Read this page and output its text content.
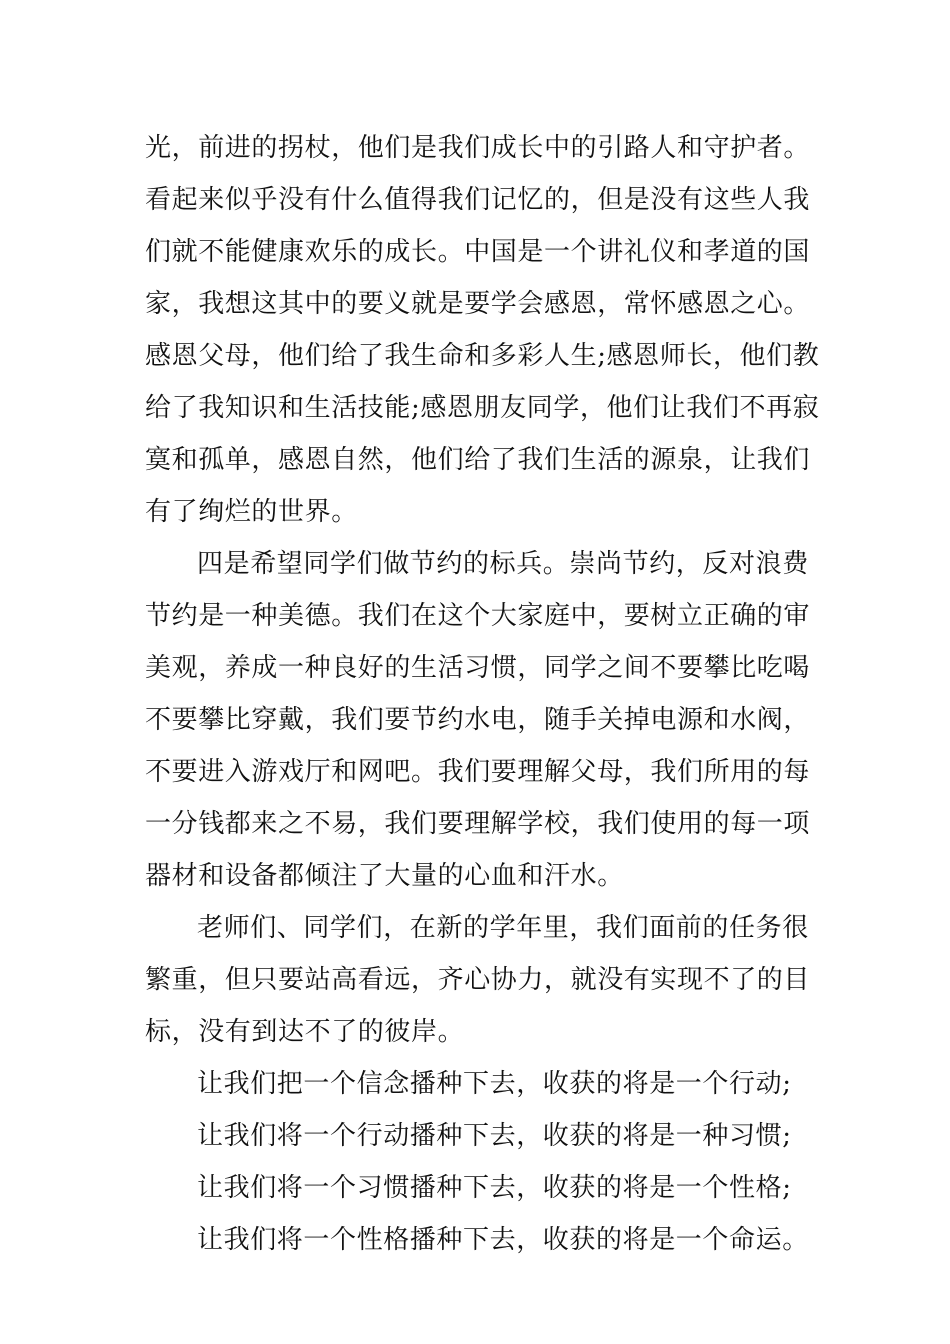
光，前进的拐杖，他们是我们成长中的引路人和守护者。
看起来似乎没有什么值得我们记忆的，但是没有这些人我
们就不能健康欢乐的成长。中国是一个讲礼仪和孝道的国
家，我想这其中的要义就是要学会感恩，常怀感恩之心。
感恩父母，他们给了我生命和多彩人生;感恩师长，他们教
给了我知识和生活技能;感恩朋友同学，他们让我们不再寂
寞和孤单，感恩自然，他们给了我们生活的源泉，让我们
有了绚烂的世界。
四是希望同学们做节约的标兵。崇尚节约，反对浪费
节约是一种美德。我们在这个大家庭中，要树立正确的审
美观，养成一种良好的生活习惯，同学之间不要攀比吃喝
不要攀比穿戴，我们要节约水电，随手关掉电源和水阀，
不要进入游戏厅和网吧。我们要理解父母，我们所用的每
一分钱都来之不易，我们要理解学校，我们使用的每一项
器材和设备都倾注了大量的心血和汗水。
老师们、同学们，在新的学年里，我们面前的任务很
繁重，但只要站高看远，齐心协力，就没有实现不了的目
标，没有到达不了的彼岸。
让我们把一个信念播种下去，收获的将是一个行动;
让我们将一个行动播种下去，收获的将是一种习惯;
让我们将一个习惯播种下去，收获的将是一个性格;
让我们将一个性格播种下去，收获的将是一个命运。
